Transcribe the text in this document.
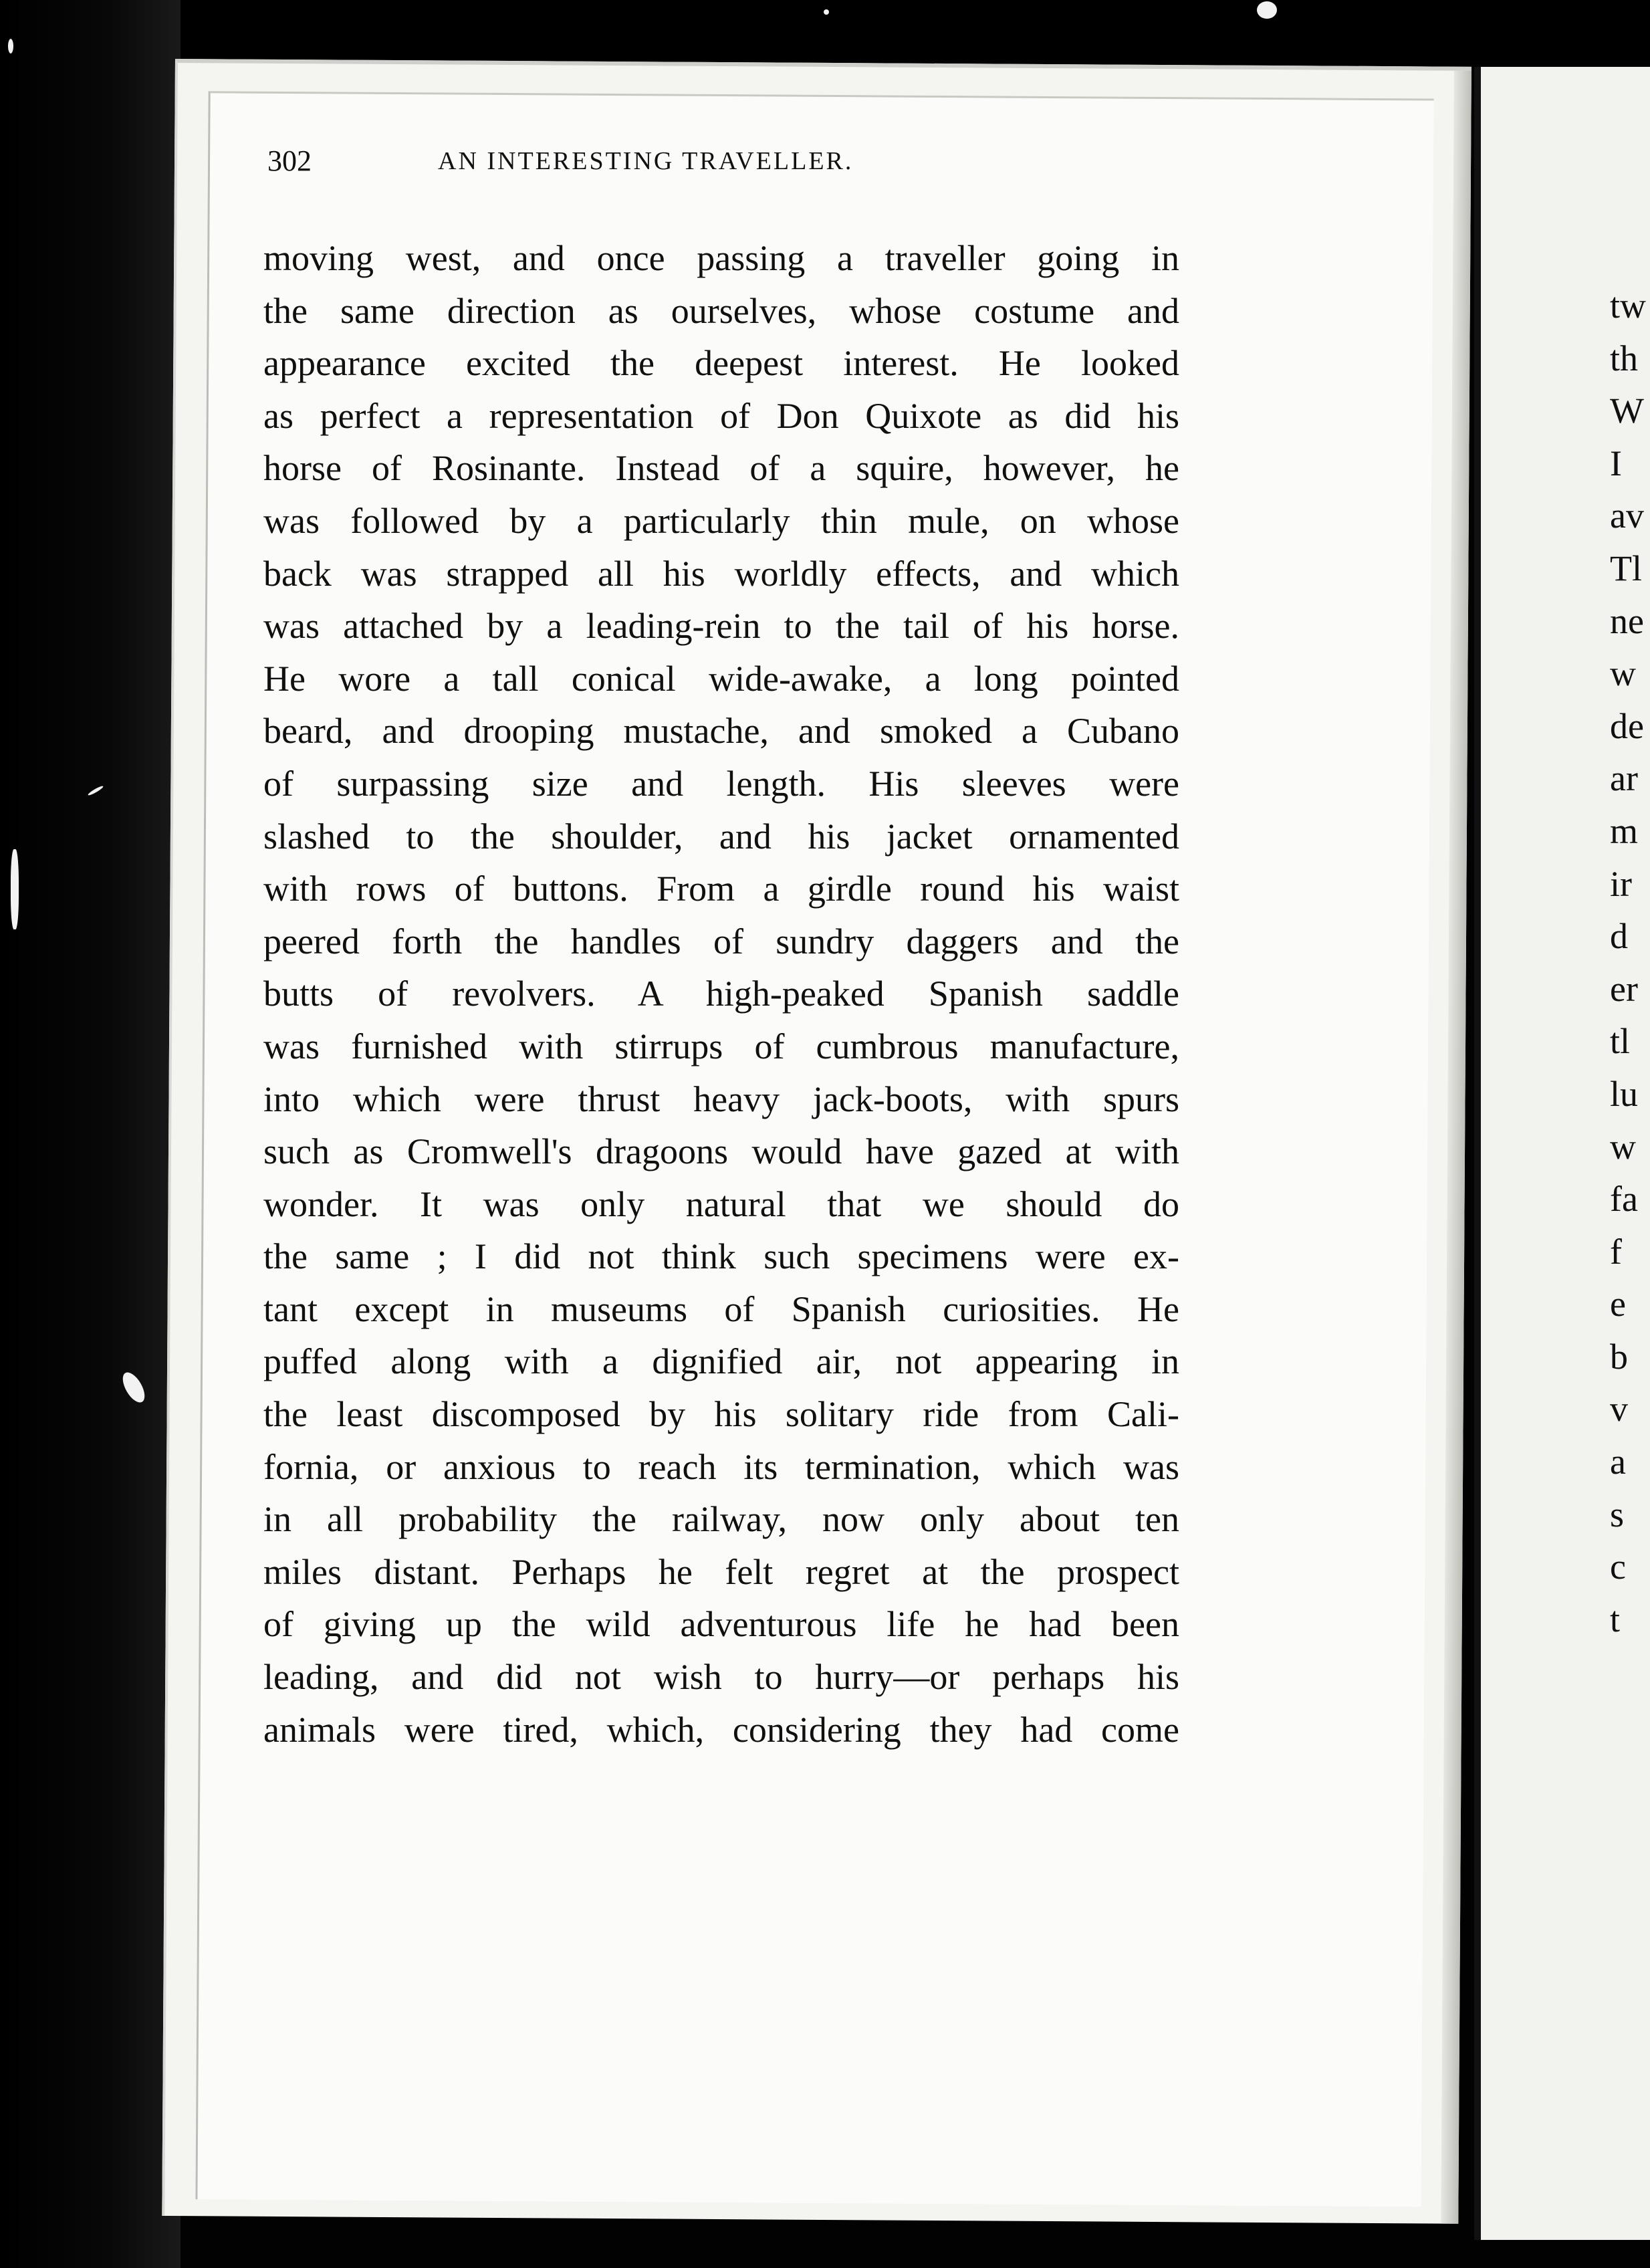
tw
th
W
I
av
Tl
ne
w
de
ar
m
ir
d
er
tl
lu
w
fa
f
e
b
v
a
s
c
t
302	AN INTERESTING TRAVELLER.
moving west, and once passing a traveller going in
the same direction as ourselves, whose costume and
appearance excited the deepest interest. He looked
as perfect a representation of Don Quixote as did his
horse of Rosinante. Instead of a squire, however, he
was followed by a particularly thin mule, on whose
back was strapped all his worldly effects, and which
was attached by a leading-rein to the tail of his horse.
He wore a tall conical wide-awake, a long pointed
beard, and drooping mustache, and smoked a Cubano
of surpassing size and length. His sleeves were
slashed to the shoulder, and his jacket ornamented
with rows of buttons. From a girdle round his waist
peered forth the handles of sundry daggers and the
butts of revolvers. A high-peaked Spanish saddle
was furnished with stirrups of cumbrous manufacture,
into which were thrust heavy jack-boots, with spurs
such as Cromwell's dragoons would have gazed at with
wonder. It was only natural that we should do
the same ; I did not think such specimens were ex-
tant except in museums of Spanish curiosities. He
puffed along with a dignified air, not appearing in
the least discomposed by his solitary ride from Cali-
fornia, or anxious to reach its termination, which was
in all probability the railway, now only about ten
miles distant. Perhaps he felt regret at the prospect
of giving up the wild adventurous life he had been
leading, and did not wish to hurry—or perhaps his
animals were tired, which, considering they had come
